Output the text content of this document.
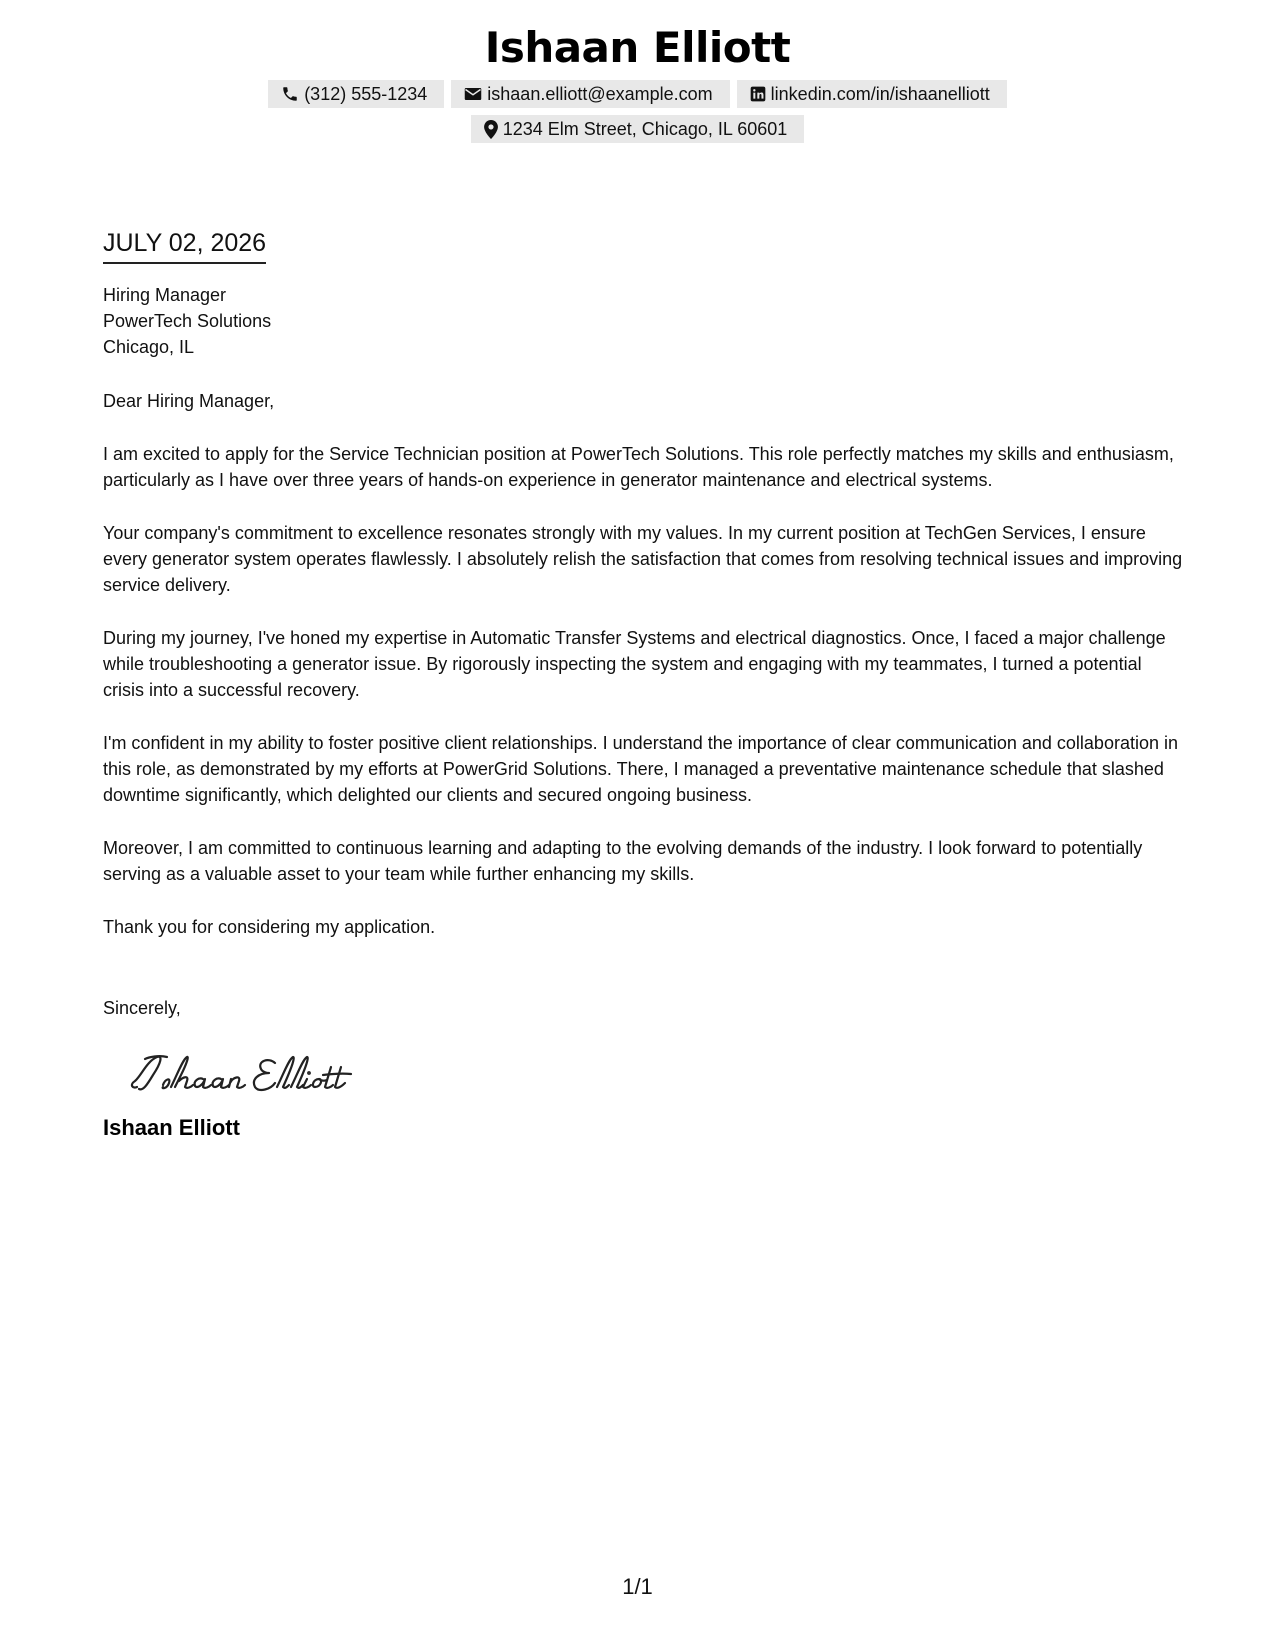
Ishaan Elliott
(312) 555-1234	ishaan.elliott@example.com	linkedin.com/in/ishaanelliott
1234 Elm Street, Chicago, IL 60601
JULY 02, 2026
Hiring Manager
PowerTech Solutions
Chicago, IL
Dear Hiring Manager,

I am excited to apply for the Service Technician position at PowerTech Solutions. This role perfectly matches my skills and enthusiasm, particularly as I have over three years of hands-on experience in generator maintenance and electrical systems.

Your company's commitment to excellence resonates strongly with my values. In my current position at TechGen Services, I ensure every generator system operates flawlessly. I absolutely relish the satisfaction that comes from resolving technical issues and improving service delivery.

During my journey, I've honed my expertise in Automatic Transfer Systems and electrical diagnostics. Once, I faced a major challenge while troubleshooting a generator issue. By rigorously inspecting the system and engaging with my teammates, I turned a potential crisis into a successful recovery.

I'm confident in my ability to foster positive client relationships. I understand the importance of clear communication and collaboration in this role, as demonstrated by my efforts at PowerGrid Solutions. There, I managed a preventative maintenance schedule that slashed downtime significantly, which delighted our clients and secured ongoing business.

Moreover, I am committed to continuous learning and adapting to the evolving demands of the industry. I look forward to potentially serving as a valuable asset to your team while further enhancing my skills.

Thank you for considering my application.

Sincerely,
Ishaan Elliott
1/1
